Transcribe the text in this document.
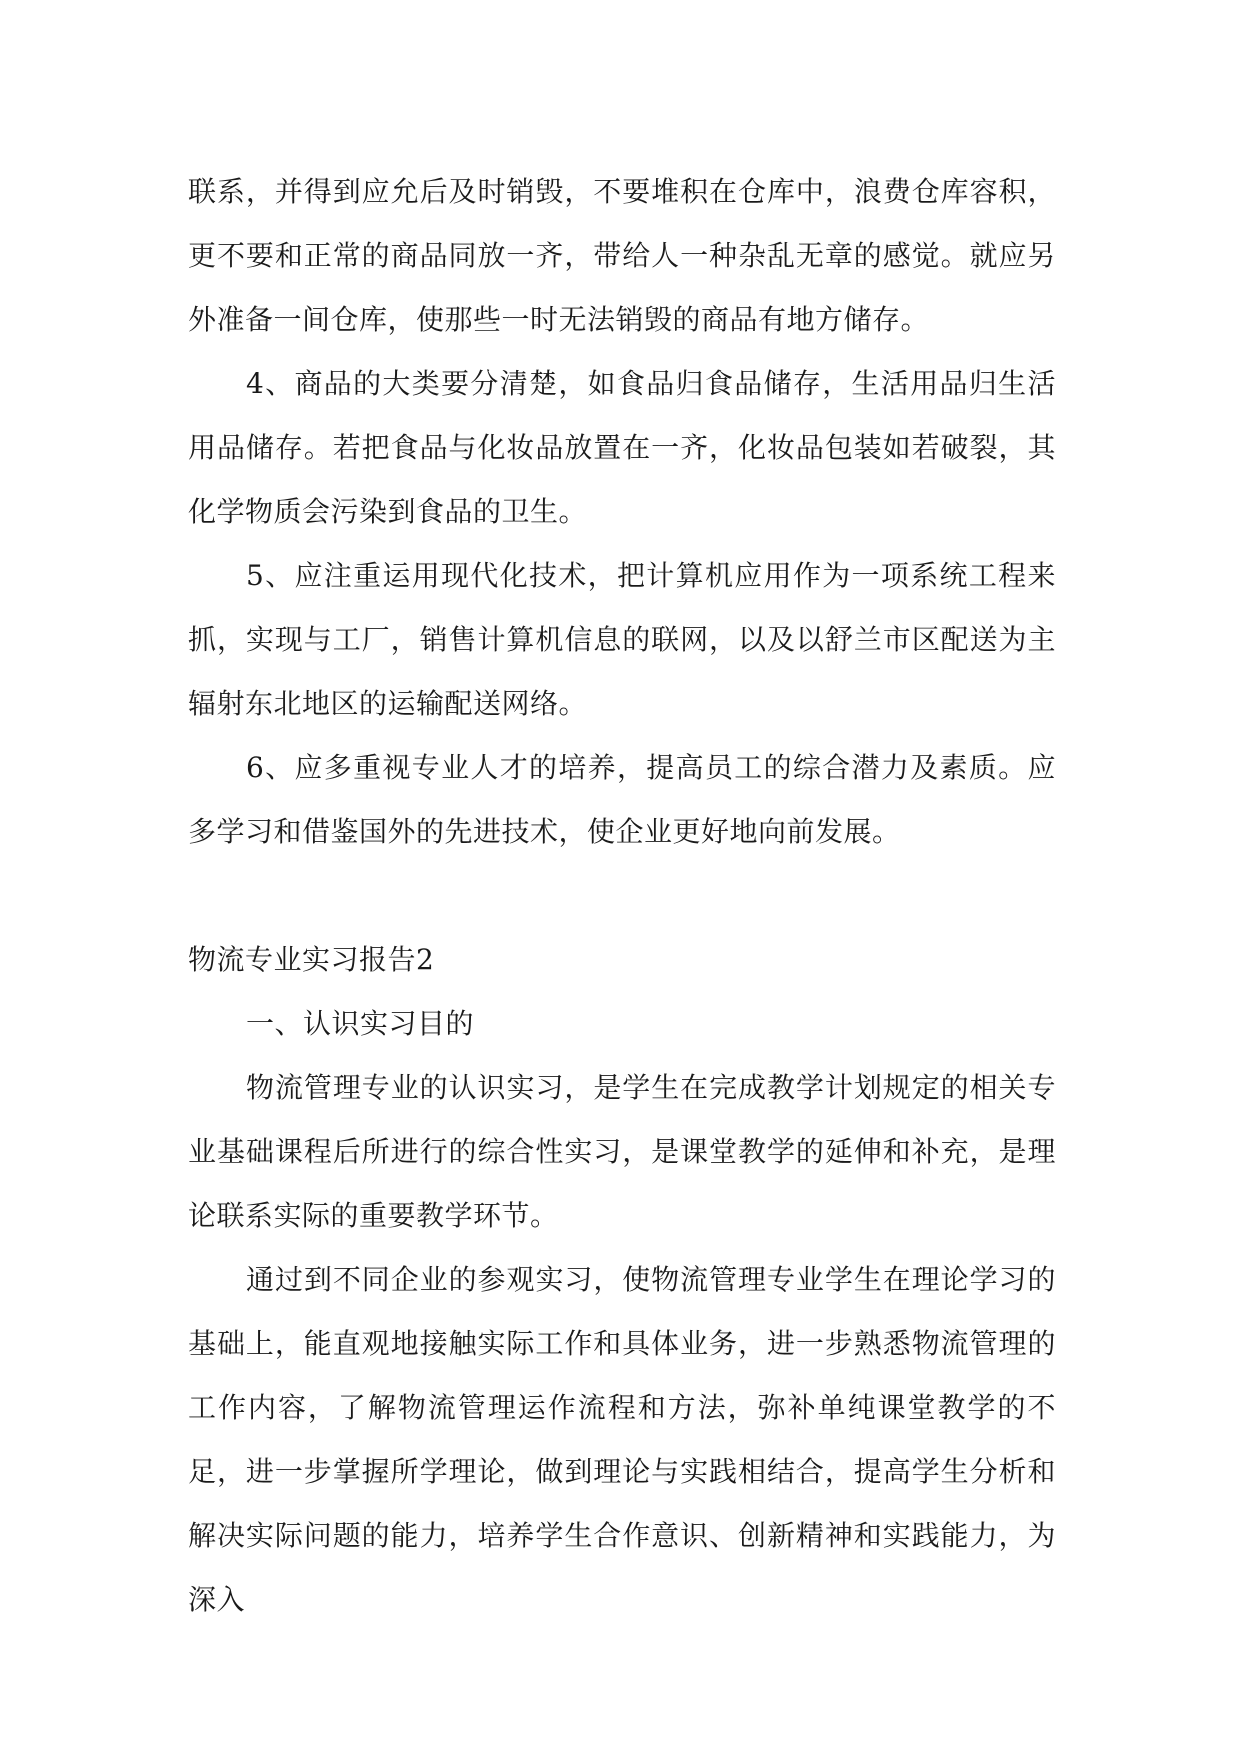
联系，并得到应允后及时销毁，不要堆积在仓库中，浪费仓库容积，更不要和正常的商品同放一齐，带给人一种杂乱无章的感觉。就应另外准备一间仓库，使那些一时无法销毁的商品有地方储存。

4、商品的大类要分清楚，如食品归食品储存，生活用品归生活用品储存。若把食品与化妆品放置在一齐，化妆品包装如若破裂，其化学物质会污染到食品的卫生。

5、应注重运用现代化技术，把计算机应用作为一项系统工程来抓，实现与工厂，销售计算机信息的联网，以及以舒兰市区配送为主辐射东北地区的运输配送网络。

6、应多重视专业人才的培养，提高员工的综合潜力及素质。应多学习和借鉴国外的先进技术，使企业更好地向前发展。

物流专业实习报告2

一、认识实习目的

物流管理专业的认识实习，是学生在完成教学计划规定的相关专业基础课程后所进行的综合性实习，是课堂教学的延伸和补充，是理论联系实际的重要教学环节。

通过到不同企业的参观实习，使物流管理专业学生在理论学习的基础上，能直观地接触实际工作和具体业务，进一步熟悉物流管理的工作内容，了解物流管理运作流程和方法，弥补单纯课堂教学的不足，进一步掌握所学理论，做到理论与实践相结合，提高学生分析和解决实际问题的能力，培养学生合作意识、创新精神和实践能力，为深入
